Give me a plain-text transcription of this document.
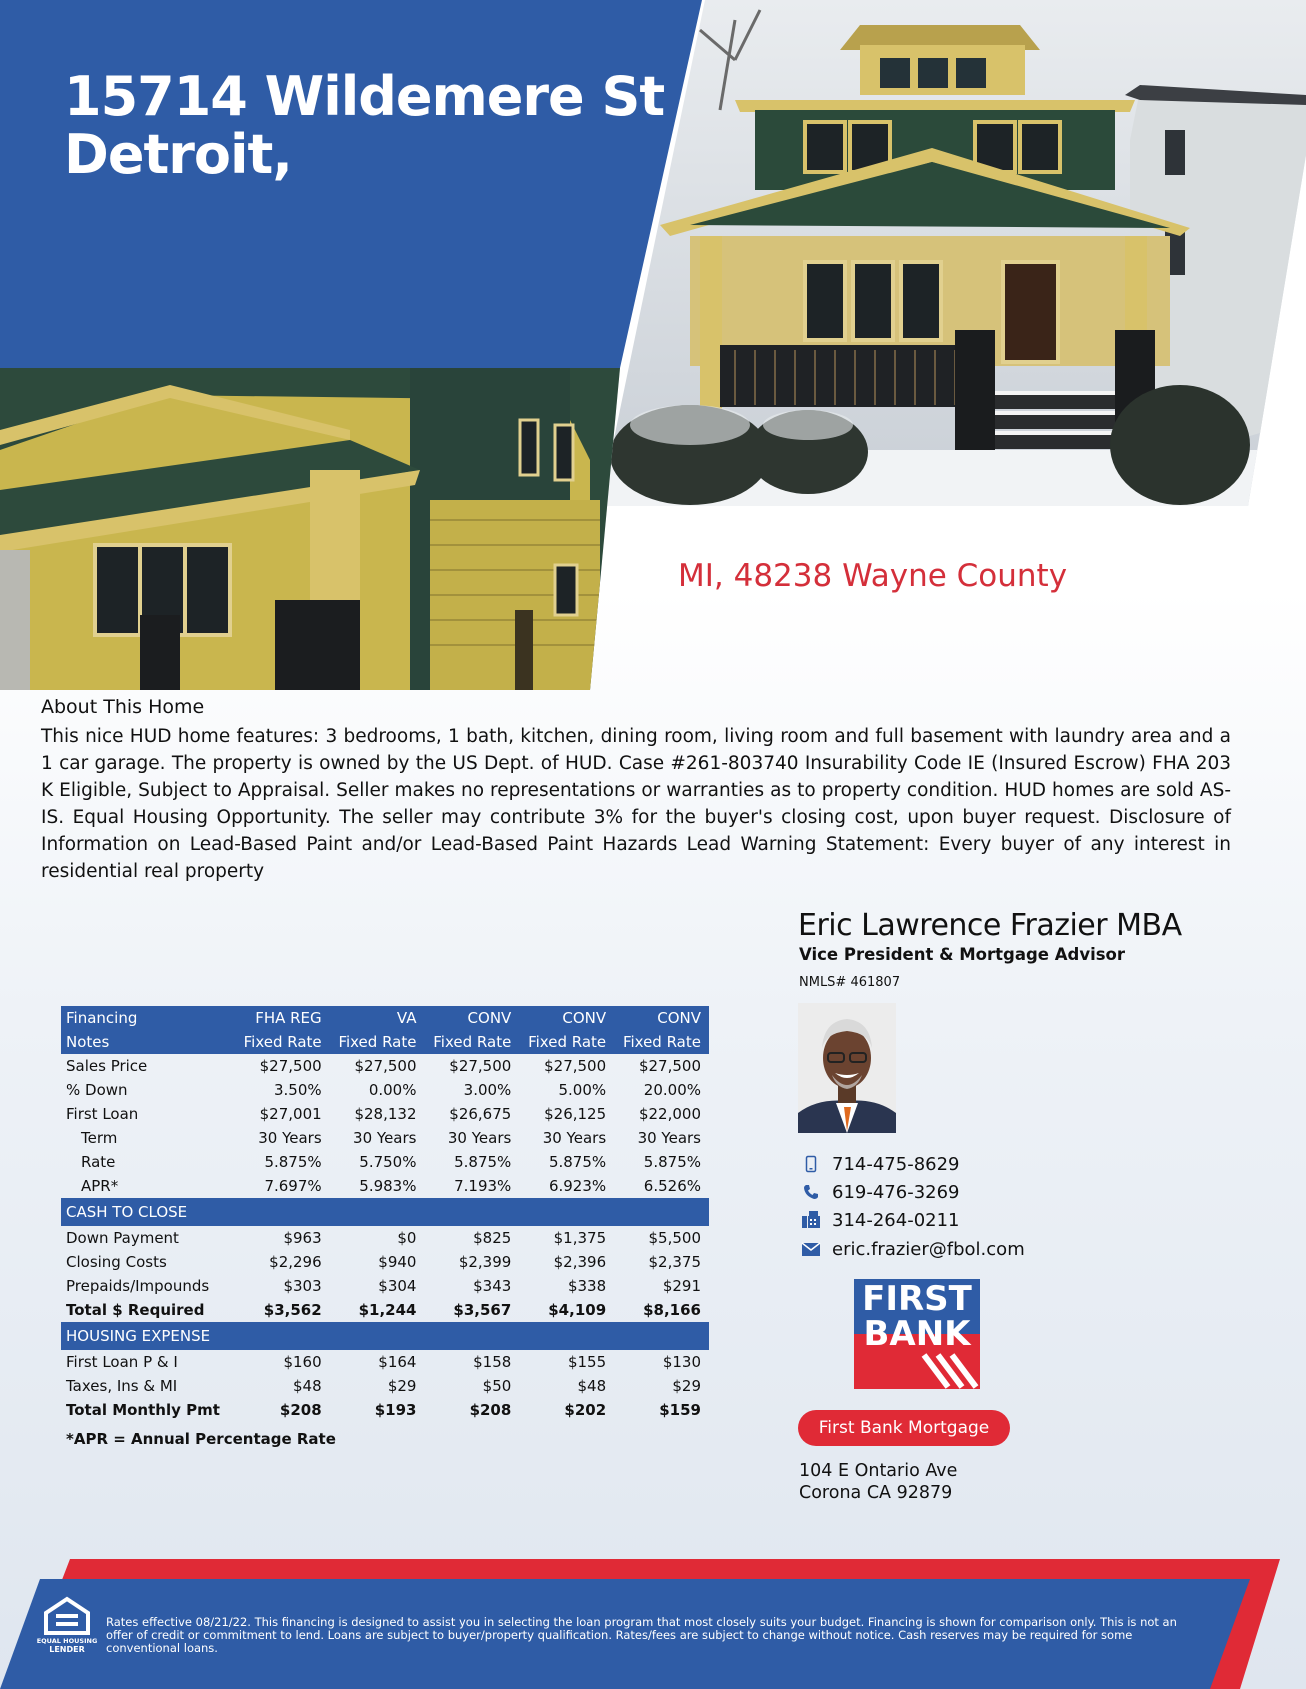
15714 Wildemere St
Detroit,
MI, 48238 Wayne County
About This Home
This nice HUD home features: 3 bedrooms, 1 bath, kitchen, dining room, living room and full basement with laundry area and a 1 car garage. The property is owned by the US Dept. of HUD. Case #261-803740 Insurability Code IE (Insured Escrow) FHA 203 K Eligible, Subject to Appraisal. Seller makes no representations or warranties as to property condition. HUD homes are sold AS-IS. Equal Housing Opportunity. The seller may contribute 3% for the buyer's closing cost, upon buyer request. Disclosure of Information on Lead-Based Paint and/or Lead-Based Paint Hazards Lead Warning Statement: Every buyer of any interest in residential real property
Financing	FHA REG	VA	CONV	CONV	CONV
Notes	Fixed Rate	Fixed Rate	Fixed Rate	Fixed Rate	Fixed Rate
Sales Price	$27,500	$27,500	$27,500	$27,500	$27,500
% Down	3.50%	0.00%	3.00%	5.00%	20.00%
First Loan	$27,001	$28,132	$26,675	$26,125	$22,000
Term	30 Years	30 Years	30 Years	30 Years	30 Years
Rate	5.875%	5.750%	5.875%	5.875%	5.875%
APR*	7.697%	5.983%	7.193%	6.923%	6.526%
CASH TO CLOSE					
Down Payment	$963	$0	$825	$1,375	$5,500
Closing Costs	$2,296	$940	$2,399	$2,396	$2,375
Prepaids/Impounds	$303	$304	$343	$338	$291
Total $ Required	$3,562	$1,244	$3,567	$4,109	$8,166
HOUSING EXPENSE					
First Loan P & I	$160	$164	$158	$155	$130
Taxes, Ins & MI	$48	$29	$50	$48	$29
Total Monthly Pmt	$208	$193	$208	$202	$159
*APR = Annual Percentage Rate
Eric Lawrence Frazier MBA
Vice President & Mortgage Advisor
NMLS# 461807
714-475-8629
619-476-3269
314-264-0211
eric.frazier@fbol.com
FIRST
BANK
First Bank Mortgage
104 E Ontario Ave
Corona CA 92879
EQUAL HOUSING
LENDER
Rates effective 08/21/22. This financing is designed to assist you in selecting the loan program that most closely suits your budget. Financing is shown for comparison only. This is not an offer of credit or commitment to lend. Loans are subject to buyer/property qualification. Rates/fees are subject to change without notice. Cash reserves may be required for some conventional loans.
